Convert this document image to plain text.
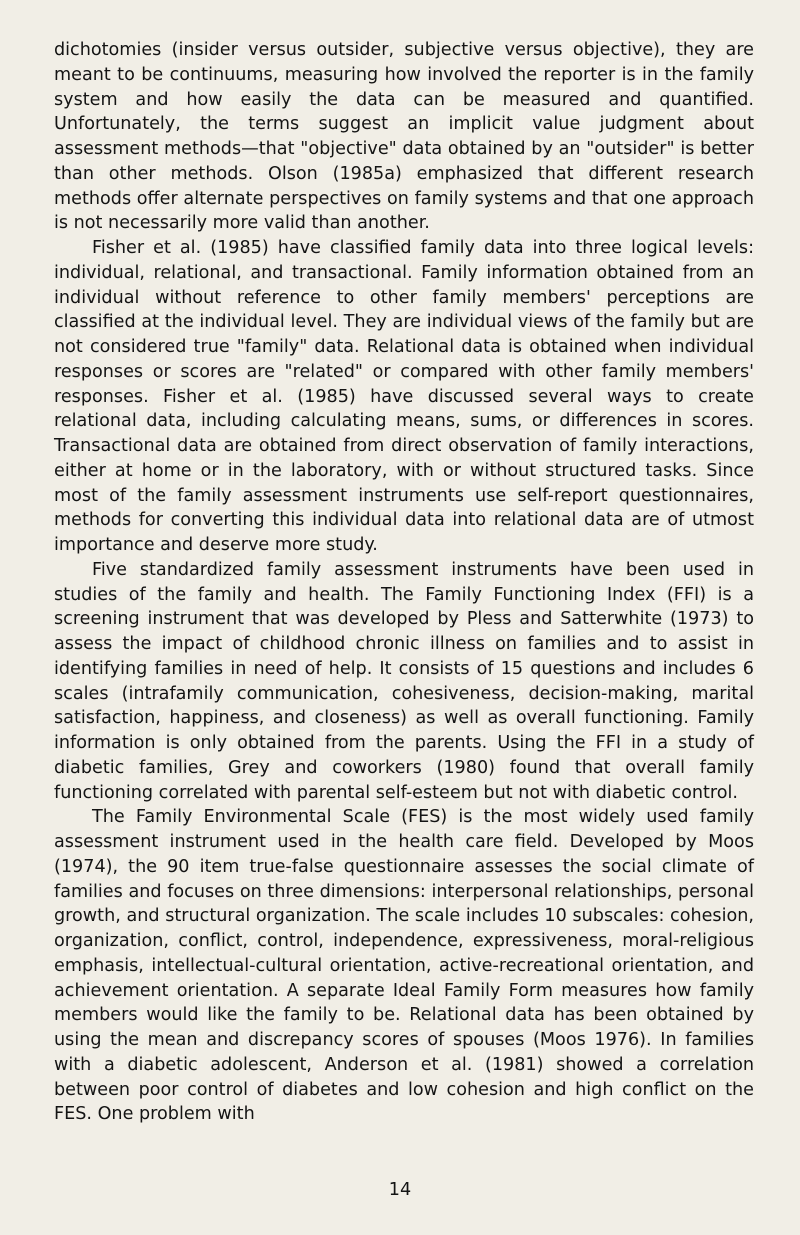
dichotomies (insider versus outsider, subjective versus objective), they are meant to be continuums, measuring how involved the reporter is in the family system and how easily the data can be measured and quantified. Unfortunately, the terms suggest an implicit value judgment about assessment methods—that "objective" data obtained by an "outsider" is better than other methods. Olson (1985a) emphasized that different research methods offer alternate perspectives on family systems and that one approach is not necessarily more valid than another.

Fisher et al. (1985) have classified family data into three logical levels: individual, relational, and transactional. Family information obtained from an individual without reference to other family members' perceptions are classified at the individual level. They are individual views of the family but are not considered true "family" data. Relational data is obtained when individual responses or scores are "related" or compared with other family members' responses. Fisher et al. (1985) have discussed several ways to create relational data, including calculating means, sums, or differences in scores. Transactional data are obtained from direct observation of family interactions, either at home or in the laboratory, with or without structured tasks. Since most of the family assessment instruments use self-report questionnaires, methods for converting this individual data into relational data are of utmost importance and deserve more study.

Five standardized family assessment instruments have been used in studies of the family and health. The Family Functioning Index (FFI) is a screening instrument that was developed by Pless and Satterwhite (1973) to assess the impact of childhood chronic illness on families and to assist in identifying families in need of help. It consists of 15 questions and includes 6 scales (intrafamily communication, cohesiveness, decision-making, marital satisfaction, happiness, and closeness) as well as overall functioning. Family information is only obtained from the parents. Using the FFI in a study of diabetic families, Grey and coworkers (1980) found that overall family functioning correlated with parental self-esteem but not with diabetic control.

The Family Environmental Scale (FES) is the most widely used family assessment instrument used in the health care field. Developed by Moos (1974), the 90 item true-false questionnaire assesses the social climate of families and focuses on three dimensions: interpersonal relationships, personal growth, and structural organization. The scale includes 10 subscales: cohesion, organization, conflict, control, independence, expressiveness, moral-religious emphasis, intellectual-cultural orientation, active-recreational orientation, and achievement orientation. A separate Ideal Family Form measures how family members would like the family to be. Relational data has been obtained by using the mean and discrepancy scores of spouses (Moos 1976). In families with a diabetic adolescent, Anderson et al. (1981) showed a correlation between poor control of diabetes and low cohesion and high conflict on the FES. One problem with

14
